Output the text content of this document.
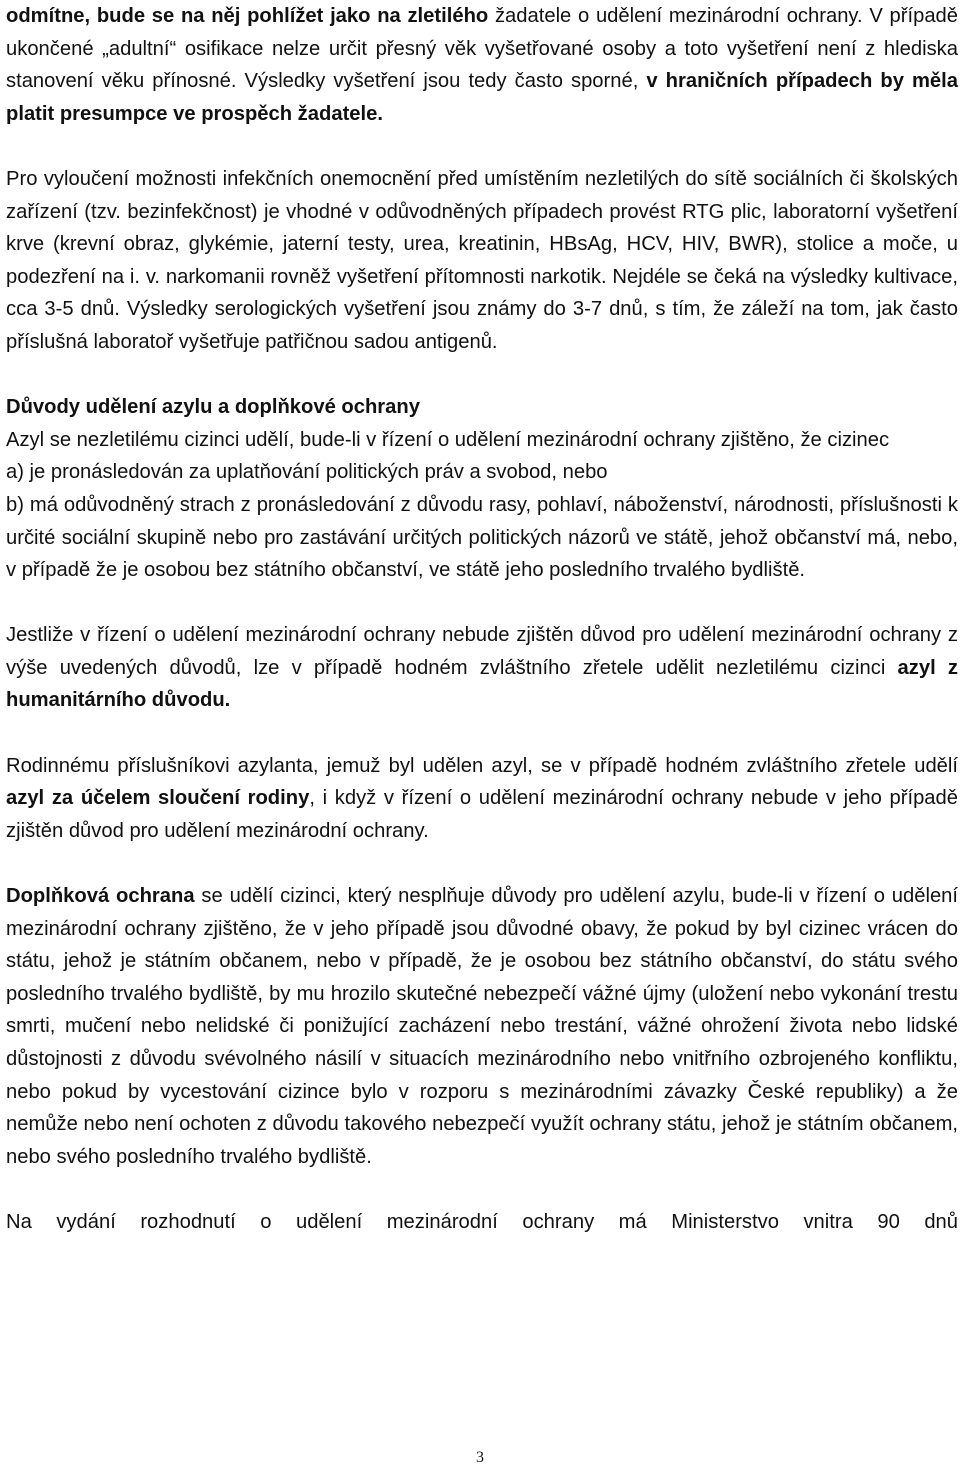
odmítne, bude se na něj pohlížet jako na zletilého žadatele o udělení mezinárodní ochrany. V případě ukončené „adultní“ osifikace nelze určit přesný věk vyšetřované osoby a toto vyšetření není z hlediska stanovení věku přínosné. Výsledky vyšetření jsou tedy často sporné, v hraničních případech by měla platit presumpce ve prospěch žadatele.

Pro vyloučení možnosti infekčních onemocnění před umístěním nezletilých do sítě sociálních či školských zařízení (tzv. bezinfekčnost) je vhodné v odůvodněných případech provést RTG plic, laboratorní vyšetření krve (krevní obraz, glykémie, jaterní testy, urea, kreatinin, HBsAg, HCV, HIV, BWR), stolice a moče, u podezření na i. v. narkomanii rovněž vyšetření přítomnosti narkotik. Nejdéle se čeká na výsledky kultivace, cca 3-5 dnů. Výsledky serologických vyšetření jsou známy do 3-7 dnů, s tím, že záleží na tom, jak často příslušná laboratoř vyšetřuje patřičnou sadou antigenů.

Důvody udělení azylu a doplňkové ochrany

Azyl se nezletilému cizinci udělí, bude-li v řízení o udělení mezinárodní ochrany zjištěno, že cizinec

a) je pronásledován za uplatňování politických práv a svobod, nebo

b) má odůvodněný strach z pronásledování z důvodu rasy, pohlaví, náboženství, národnosti, příslušnosti k určité sociální skupině nebo pro zastávání určitých politických názorů ve státě, jehož občanství má, nebo, v případě že je osobou bez státního občanství, ve státě jeho posledního trvalého bydliště.

Jestliže v řízení o udělení mezinárodní ochrany nebude zjištěn důvod pro udělení mezinárodní ochrany z výše uvedených důvodů, lze v případě hodném zvláštního zřetele udělit nezletilému cizinci azyl z humanitárního důvodu.

Rodinnému příslušníkovi azylanta, jemuž byl udělen azyl, se v případě hodném zvláštního zřetele udělí azyl za účelem sloučení rodiny, i když v řízení o udělení mezinárodní ochrany nebude v jeho případě zjištěn důvod pro udělení mezinárodní ochrany.

Doplňková ochrana se udělí cizinci, který nesplňuje důvody pro udělení azylu, bude-li v řízení o udělení mezinárodní ochrany zjištěno, že v jeho případě jsou důvodné obavy, že pokud by byl cizinec vrácen do státu, jehož je státním občanem, nebo v případě, že je osobou bez státního občanství, do státu svého posledního trvalého bydliště, by mu hrozilo skutečné nebezpečí vážné újmy (uložení nebo vykonání trestu smrti, mučení nebo nelidské či ponižující zacházení nebo trestání, vážné ohrožení života nebo lidské důstojnosti z důvodu svévolného násilí v situacích mezinárodního nebo vnitřního ozbrojeného konfliktu, nebo pokud by vycestování cizince bylo v rozporu s mezinárodními závazky České republiky) a že nemůže nebo není ochoten z důvodu takového nebezpečí využít ochrany státu, jehož je státním občanem, nebo svého posledního trvalého bydliště.

Na vydání rozhodnutí o udělení mezinárodní ochrany má Ministerstvo vnitra 90 dnů

3
